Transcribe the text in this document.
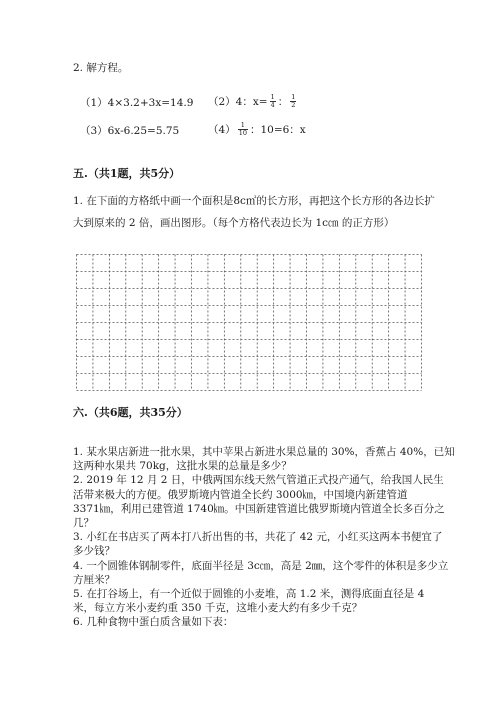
2. 解方程。
（1）4×3.2+3x=14.9 （2）4：$x= \frac{1}{4}$ ： $\frac{1}{2}$
（3）6x-6.25=5.75	$(4) \frac{1}{10}$ ：10=6：x
五.（共1题，共5分）
1. 在下面的方格纸中画一个面积是8c㎡的长方形，再把这个长方形的各边长扩
大到原来的 2 倍，画出图形。（每个方格代表边长为 1c㎝ 的正方形）
六.（共6题，共35分）
1. 某水果店新进一批水果，其中苹果占新进水果总量的 30%，香蕉占 40%，已知
这两种水果共 70kg，这批水果的总量是多少？
2. 2019 年 12 月 2 日，中俄两国东线天然气管道正式投产通气，给我国人民生
活带来极大的方便。俄罗斯境内管道全长约 3000㎞，中国境内新建管道
3371㎞，利用已建管道 1740㎞。中国新建管道比俄罗斯境内管道全长多百分之
几？
3. 小红在书店买了两本打八折出售的书，共花了 42 元，小红买这两本书便宜了
多少钱？
4. 一个圆锥体钢制零件，底面半径是 3c㎝，高是 2㎜，这个零件的体积是多少立
方厘米？
5. 在打谷场上，有一个近似于圆锥的小麦堆，高 1.2 米，测得底面直径是 4
米，每立方米小麦约重 350 千克，这堆小麦大约有多少千克？
6. 几种食物中蛋白质含量如下表：
